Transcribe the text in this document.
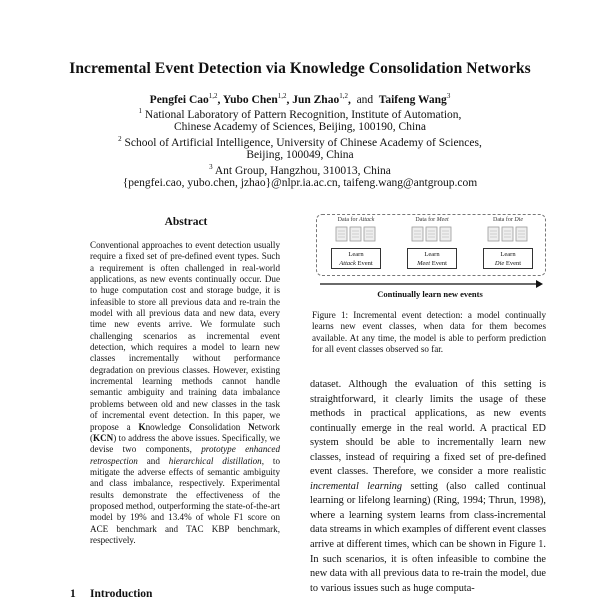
Incremental Event Detection via Knowledge Consolidation Networks
Pengfei Cao$^{1,2}$, Yubo Chen$^{1,2}$, Jun Zhao$^{1,2}$, and Taifeng Wang$^3$
$^1$ National Laboratory of Pattern Recognition, Institute of Automation,
Chinese Academy of Sciences, Beijing, 100190, China
$^2$ School of Artificial Intelligence, University of Chinese Academy of Sciences,
Beijing, 100049, China
$^3$ Ant Group, Hangzhou, 310013, China
{pengfei.cao, yubo.chen, jzhao}@nlpr.ia.ac.cn, taifeng.wang@antgroup.com
Abstract
Conventional approaches to event detection usually require a fixed set of pre-defined event types. Such a requirement is often challenged in real-world applications, as new events continually occur. Due to huge computation cost and storage budge, it is infeasible to store all previous data and re-train the model with all previous data and new data, every time new events arrive. We formulate such challenging scenarios as incremental event detection, which requires a model to learn new classes incrementally without performance degradation on previous classes. However, existing incremental learning methods cannot handle semantic ambiguity and training data imbalance problems between old and new classes in the task of incremental event detection. In this paper, we propose a Knowledge Consolidation Network (KCN) to address the above issues. Specifically, we devise two components, prototype enhanced retrospection and hierarchical distillation, to mitigate the adverse effects of semantic ambiguity and class imbalance, respectively. Experimental results demonstrate the effectiveness of the proposed method, outperforming the state-of-the-art model by 19% and 13.4% of whole F1 score on ACE benchmark and TAC KBP benchmark, respectively.
1 Introduction
Data for Attack
Learn
Attack Event
Data for Meet
Learn
Meet Event
Data for Die
Learn
Die Event
Continually learn new events
Figure 1: Incremental event detection: a model continually learns new event classes, when data for them becomes available. At any time, the model is able to perform prediction for all event classes observed so far.
dataset. Although the evaluation of this setting is straightforward, it clearly limits the usage of these methods in practical applications, as new events continually emerge in the real world. A practical ED system should be able to incrementally learn new classes, instead of requiring a fixed set of pre-defined event classes. Therefore, we consider a more realistic incremental learning setting (also called continual learning or lifelong learning) (Ring, 1994; Thrun, 1998), where a learning system learns from class-incremental data streams in which examples of different event classes arrive at different times, which can be shown in Figure 1. In such scenarios, it is often infeasible to combine the new data with all previous data to re-train the model, due to various issues such as huge computa-
